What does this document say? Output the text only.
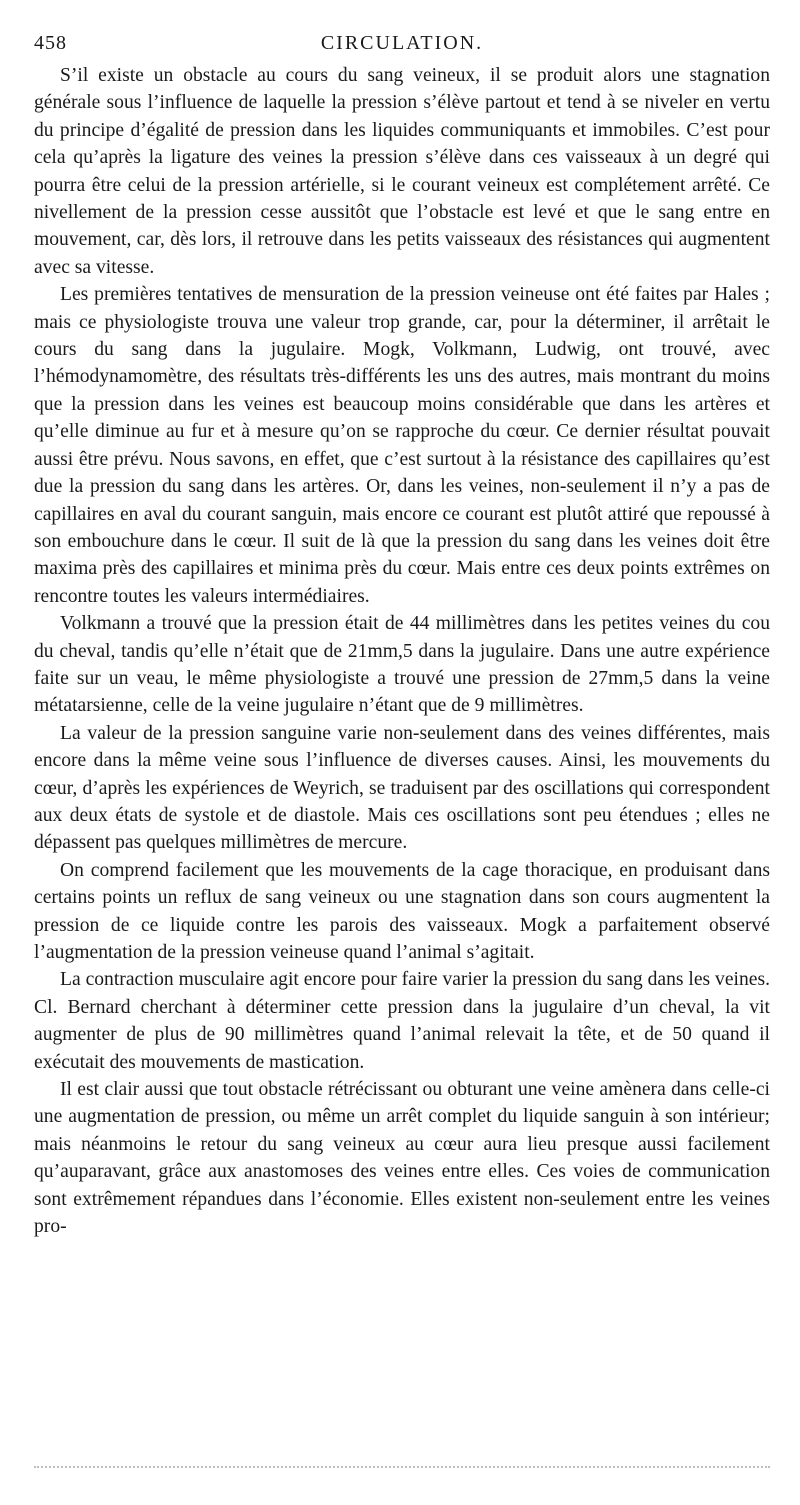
458	CIRCULATION.

S’il existe un obstacle au cours du sang veineux, il se produit alors une stagnation générale sous l’influence de laquelle la pression s’élève partout et tend à se niveler en vertu du principe d’égalité de pression dans les liquides communiquants et immobiles. C’est pour cela qu’après la ligature des veines la pression s’élève dans ces vaisseaux à un degré qui pourra être celui de la pression artérielle, si le courant veineux est complétement arrêté. Ce nivellement de la pression cesse aussitôt que l’obstacle est levé et que le sang entre en mouvement, car, dès lors, il retrouve dans les petits vaisseaux des résistances qui augmentent avec sa vitesse.

Les premières tentatives de mensuration de la pression veineuse ont été faites par Hales ; mais ce physiologiste trouva une valeur trop grande, car, pour la déterminer, il arrêtait le cours du sang dans la jugulaire. Mogk, Volkmann, Ludwig, ont trouvé, avec l’hémodynamomètre, des résultats très-différents les uns des autres, mais montrant du moins que la pression dans les veines est beaucoup moins considérable que dans les artères et qu’elle diminue au fur et à mesure qu’on se rapproche du cœur. Ce dernier résultat pouvait aussi être prévu. Nous savons, en effet, que c’est surtout à la résistance des capillaires qu’est due la pression du sang dans les artères. Or, dans les veines, non-seulement il n’y a pas de capillaires en aval du courant sanguin, mais encore ce courant est plutôt attiré que repoussé à son embouchure dans le cœur. Il suit de là que la pression du sang dans les veines doit être maxima près des capillaires et minima près du cœur. Mais entre ces deux points extrêmes on rencontre toutes les valeurs intermédiaires.

Volkmann a trouvé que la pression était de 44 millimètres dans les petites veines du cou du cheval, tandis qu’elle n’était que de 21mm,5 dans la jugulaire. Dans une autre expérience faite sur un veau, le même physiologiste a trouvé une pression de 27mm,5 dans la veine métatarsienne, celle de la veine jugulaire n’étant que de 9 millimètres.

La valeur de la pression sanguine varie non-seulement dans des veines différentes, mais encore dans la même veine sous l’influence de diverses causes. Ainsi, les mouvements du cœur, d’après les expériences de Weyrich, se traduisent par des oscillations qui correspondent aux deux états de systole et de diastole. Mais ces oscillations sont peu étendues ; elles ne dépassent pas quelques millimètres de mercure.

On comprend facilement que les mouvements de la cage thoracique, en produisant dans certains points un reflux de sang veineux ou une stagnation dans son cours augmentent la pression de ce liquide contre les parois des vaisseaux. Mogk a parfaitement observé l’augmentation de la pression veineuse quand l’animal s’agitait.

La contraction musculaire agit encore pour faire varier la pression du sang dans les veines. Cl. Bernard cherchant à déterminer cette pression dans la jugulaire d’un cheval, la vit augmenter de plus de 90 millimètres quand l’animal relevait la tête, et de 50 quand il exécutait des mouvements de mastication.

Il est clair aussi que tout obstacle rétrécissant ou obturant une veine amènera dans celle-ci une augmentation de pression, ou même un arrêt complet du liquide sanguin à son intérieur; mais néanmoins le retour du sang veineux au cœur aura lieu presque aussi facilement qu’auparavant, grâce aux anastomoses des veines entre elles. Ces voies de communication sont extrêmement répandues dans l’économie. Elles existent non-seulement entre les veines pro-
